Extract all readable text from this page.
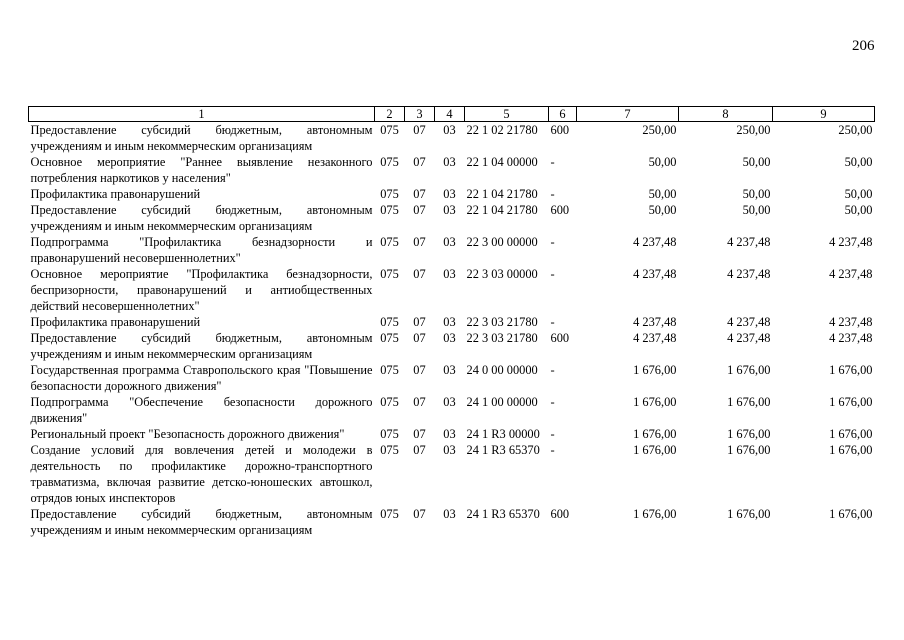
206
1	2	3	4	5	6	7	8	9
Предоставление субсидий бюджетным, автономным учреждениям и иным некоммерческим организациям	075	07	03	22 1 02 21780	600	250,00	250,00	250,00
Основное мероприятие "Раннее выявление незаконного потребления наркотиков у населения"	075	07	03	22 1 04 00000	-	50,00	50,00	50,00
Профилактика правонарушений	075	07	03	22 1 04 21780	-	50,00	50,00	50,00
Предоставление субсидий бюджетным, автономным учреждениям и иным некоммерческим организациям	075	07	03	22 1 04 21780	600	50,00	50,00	50,00
Подпрограмма "Профилактика безнадзорности и правонарушений несовершеннолетних"	075	07	03	22 3 00 00000	-	4 237,48	4 237,48	4 237,48
Основное мероприятие "Профилактика безнадзорности, беспризорности, правонарушений и антиобщественных действий несовершеннолетних"	075	07	03	22 3 03 00000	-	4 237,48	4 237,48	4 237,48
Профилактика правонарушений	075	07	03	22 3 03 21780	-	4 237,48	4 237,48	4 237,48
Предоставление субсидий бюджетным, автономным учреждениям и иным некоммерческим организациям	075	07	03	22 3 03 21780	600	4 237,48	4 237,48	4 237,48
Государственная программа Ставропольского края "Повышение безопасности дорожного движения"	075	07	03	24 0 00 00000	-	1 676,00	1 676,00	1 676,00
Подпрограмма "Обеспечение безопасности дорожного движения"	075	07	03	24 1 00 00000	-	1 676,00	1 676,00	1 676,00
Региональный проект "Безопасность дорожного движения"	075	07	03	24 1 R3 00000	-	1 676,00	1 676,00	1 676,00
Создание условий для вовлечения детей и молодежи в деятельность по профилактике дорожно-транспортного травматизма, включая развитие детско-юношеских автошкол, отрядов юных инспекторов	075	07	03	24 1 R3 65370	-	1 676,00	1 676,00	1 676,00
Предоставление субсидий бюджетным, автономным учреждениям и иным некоммерческим организациям	075	07	03	24 1 R3 65370	600	1 676,00	1 676,00	1 676,00
